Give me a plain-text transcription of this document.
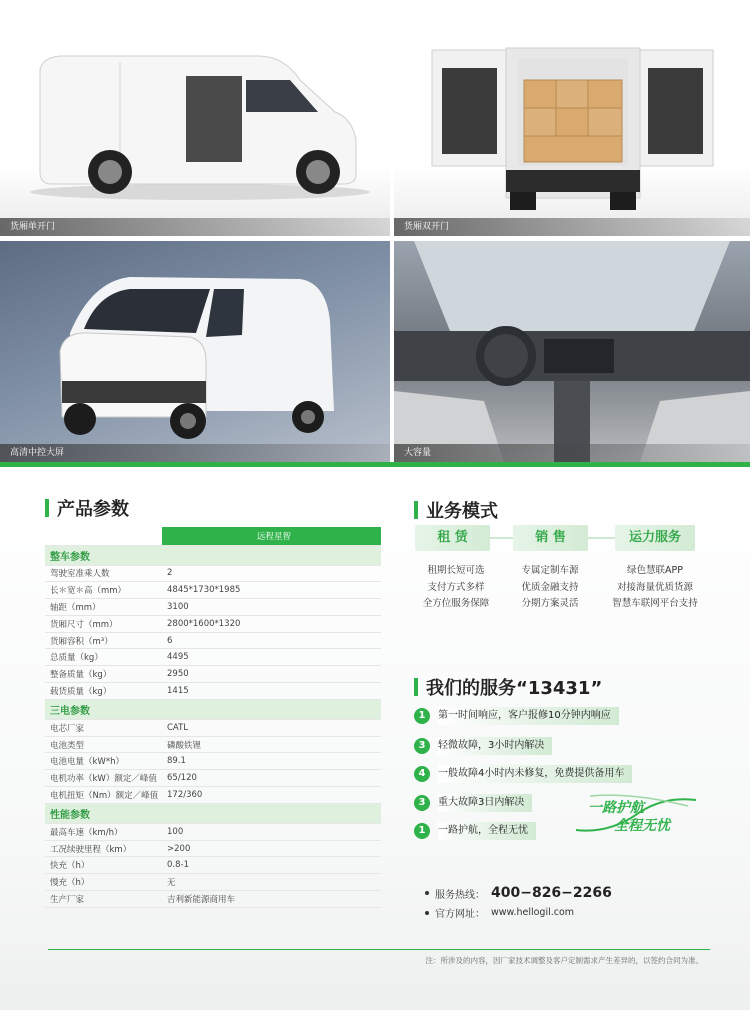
货厢单开门	货厢双开门
高清中控大屏	大容量
产品参数
	远程星智
整车参数	
驾驶室准乘人数	2
长＊宽＊高（mm）	4845*1730*1985
轴距（mm）	3100
货厢尺寸（mm）	2800*1600*1320
货厢容积（m³）	6
总质量（kg）	4495
整备质量（kg）	2950
载货质量（kg）	1415
三电参数	
电芯厂家	CATL
电池类型	磷酸铁锂
电池电量（kW*h）	89.1
电机功率（kW）额定／峰值	65/120
电机扭矩（Nm）额定／峰值	172/360
性能参数	
最高车速（km/h）	100
工况续驶里程（km）	>200
快充（h）	0.8-1
慢充（h）	无
生产厂家	吉利新能源商用车
业务模式
租 赁	销 售	运力服务
租期长短可选
支付方式多样
全方位服务保障
专属定制车源
优质金融支持
分期方案灵活
绿色慧联APP
对接海量优质货源
智慧车联网平台支持
我们的服务“13431”
1	第一时间响应，客户报修10分钟内响应
3	轻微故障，3小时内解决
4	一般故障4小时内未修复，免费提供备用车
3	重大故障3日内解决
1	一路护航，全程无忧
一路护航
全程无忧
服务热线： 400−826−2266
官方网址： www.hellogil.com
注：所涉及的内容，因厂家技术调整及客户定制需求产生差异的，以签约合同为准。
